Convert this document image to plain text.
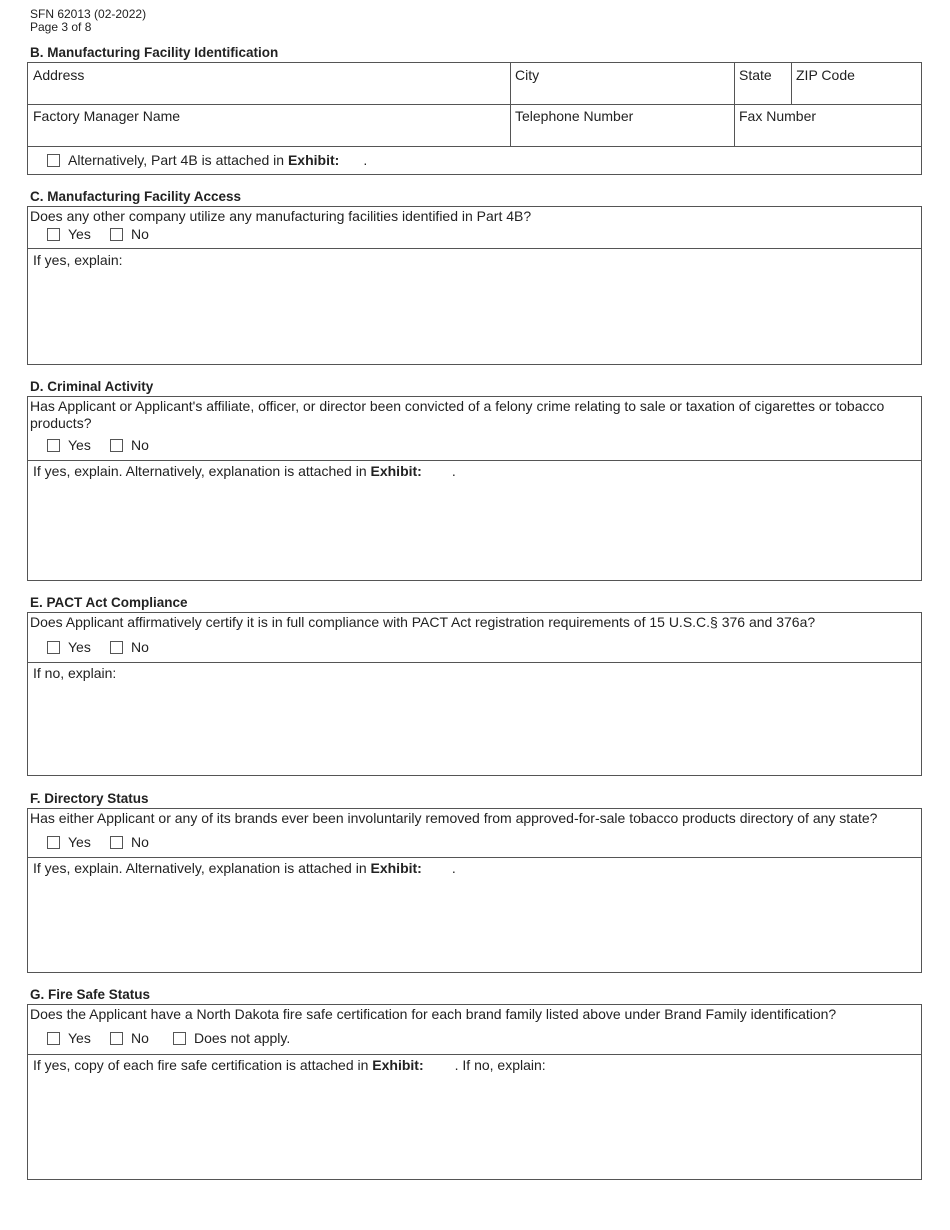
SFN 62013 (02-2022)
Page 3 of 8
B. Manufacturing Facility Identification
Address	City	State ZIP Code
Factory Manager Name	Telephone Number	Fax Number
Alternatively, Part 4B is attached in Exhibit: .
C. Manufacturing Facility Access
Does any other company utilize any manufacturing facilities identified in Part 4B?
Yes	No
If yes, explain:
D. Criminal Activity
Has Applicant or Applicant's affiliate, officer, or director been convicted of a felony crime relating to sale or taxation of cigarettes or tobacco
products?
Yes	No
If yes, explain. Alternatively, explanation is attached in Exhibit: .
E. PACT Act Compliance
Does Applicant affirmatively certify it is in full compliance with PACT Act registration requirements of 15 U.S.C.§ 376 and 376a?
Yes	No
If no, explain:
F. Directory Status
Has either Applicant or any of its brands ever been involuntarily removed from approved-for-sale tobacco products directory of any state?
Yes	No
If yes, explain. Alternatively, explanation is attached in Exhibit: .
G. Fire Safe Status
Does the Applicant have a North Dakota fire safe certification for each brand family listed above under Brand Family identification?
Yes	No	Does not apply.
If yes, copy of each fire safe certification is attached in Exhibit: . If no, explain:
